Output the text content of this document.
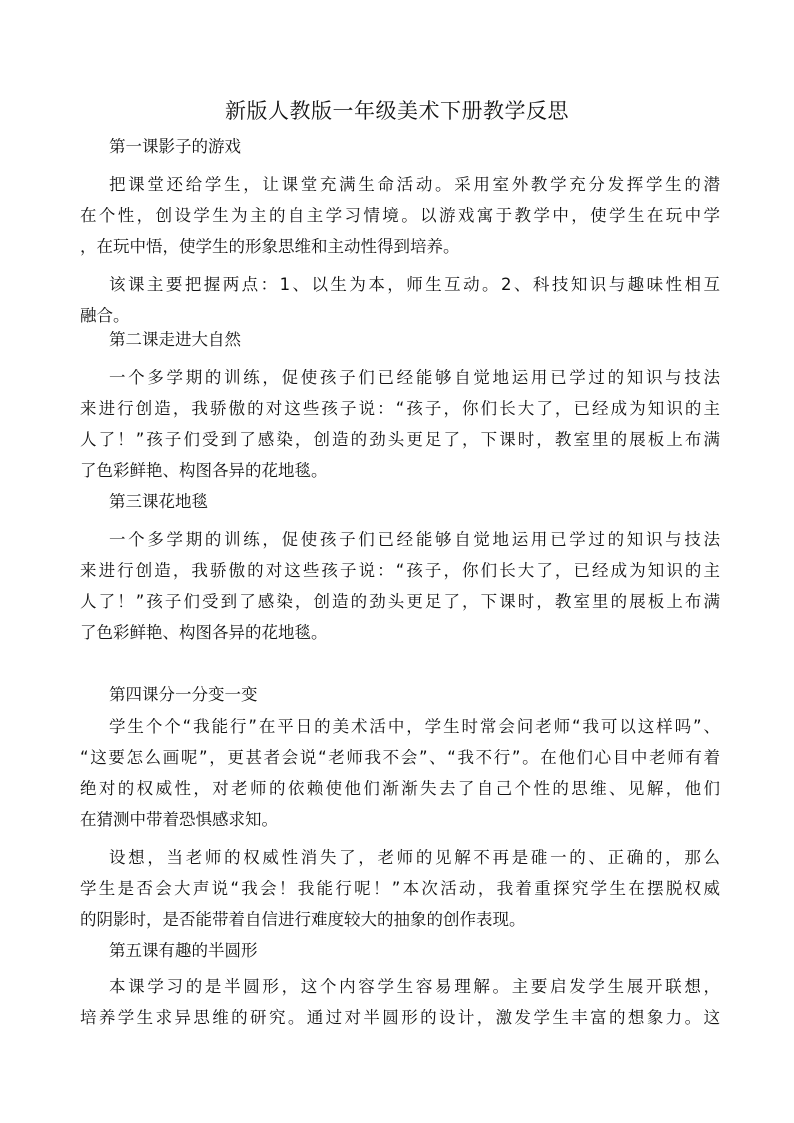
新版人教版一年级美术下册教学反思
第一课影子的游戏
把课堂还给学生，让课堂充满生命活动。采用室外教学充分发挥学生的潜
在个性，创设学生为主的自主学习情境。以游戏寓于教学中，使学生在玩中学
，在玩中悟，使学生的形象思维和主动性得到培养。
该课主要把握两点：1、以生为本，师生互动。2、科技知识与趣味性相互
融合。
第二课走进大自然
一个多学期的训练，促使孩子们已经能够自觉地运用已学过的知识与技法
来进行创造，我骄傲的对这些孩子说：“孩子，你们长大了，已经成为知识的主
人了！”孩子们受到了感染，创造的劲头更足了，下课时，教室里的展板上布满
了色彩鲜艳、构图各异的花地毯。
第三课花地毯
一个多学期的训练，促使孩子们已经能够自觉地运用已学过的知识与技法
来进行创造，我骄傲的对这些孩子说：“孩子，你们长大了，已经成为知识的主
人了！”孩子们受到了感染，创造的劲头更足了，下课时，教室里的展板上布满
了色彩鲜艳、构图各异的花地毯。
第四课分一分变一变
学生个个“我能行”在平日的美术活中，学生时常会问老师“我可以这样吗”、
“这要怎么画呢”，更甚者会说“老师我不会”、“我不行”。在他们心目中老师有着
绝对的权威性，对老师的依赖使他们渐渐失去了自己个性的思维、见解，他们
在猜测中带着恐惧感求知。
设想，当老师的权威性消失了，老师的见解不再是碓一的、正确的，那么
学生是否会大声说“我会！我能行呢！”本次活动，我着重探究学生在摆脱权威
的阴影时，是否能带着自信进行难度较大的抽象的创作表现。
第五课有趣的半圆形
本课学习的是半圆形，这个内容学生容易理解。主要启发学生展开联想，
培养学生求异思维的研究。通过对半圆形的设计，激发学生丰富的想象力。这
